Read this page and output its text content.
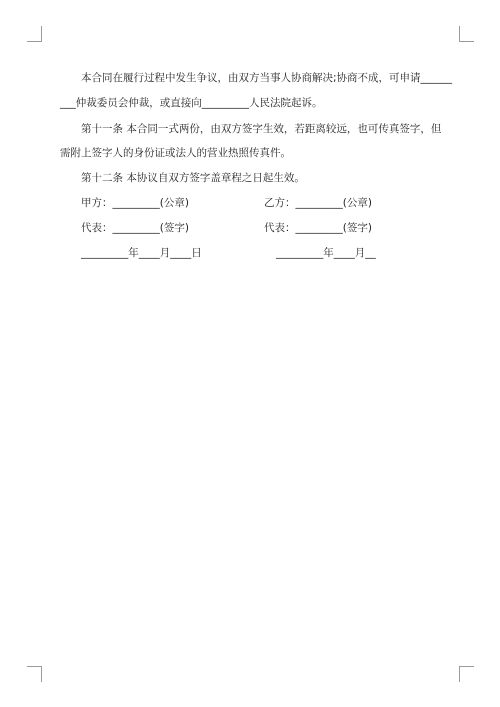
本合同在履行过程中发生争议，由双方当事人协商解决;协商不成，可申请______
___仲裁委员会仲裁，或直接向_________人民法院起诉。
第十一条 本合同一式两份，由双方签字生效，若距离较远，也可传真签字，但
需附上签字人的身份证或法人的营业热照传真件。
第十二条 本协议自双方签字盖章程之日起生效。
甲方：_________(公章)	乙方：_________(公章)
代表：_________(签字)	代表：_________(签字)
_________年____月____日	_________年____月__
